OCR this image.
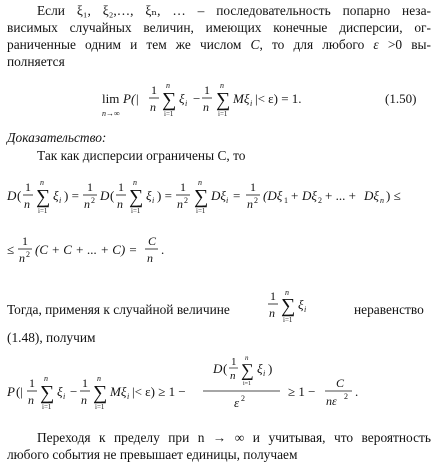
Если ξ₁, ξ₂,…, ξₙ, … – последовательность попарно неза-
висимых случайных величин, имеющих конечные дисперсии, ог-
раниченные одним и тем же числом C, то для любого ε >0 вы-
полняется
lim
n→∞
P(|
1
n
n
∑
i=1
ξ i −
1
n
n
∑
i=1
Mξ i |< ε) = 1.	(1.50)
Доказательство:
Так как дисперсии ограничены C, то
D (
1
n
n
∑
i=1
ξ i ) =
1
n 2 D (
1
n
n
∑
i=1
ξ i ) =
1
n 2
n
∑
i=1
Dξ i =
1
n 2 (Dξ 1 + Dξ 2 + ... + Dξ n ) ≤
≤
1
n 2 (C + C + ... + C) =
C
n
.
Тогда, применяя к случайной величине
1
n
n
∑
i=1
ξ i	неравенство
(1.48), получим
P (|
1
n
n
∑
i=1
ξ i −
1
n
n
∑
i=1
Mξ i |< ε) ≥ 1 −
D ( 1
n
n
∑
i=1
ξ i )
ε 2	≥ 1 −
C
nε 2 .
Переходя к пределу при n → ∞ и учитывая, что вероятность
любого события не превышает единицы, получаем
